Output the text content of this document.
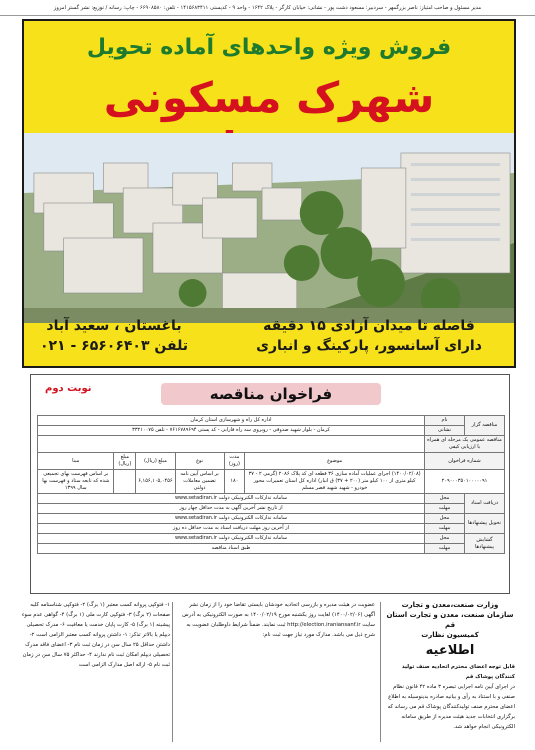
مدیر مسئول و صاحب امتیاز: ناصر بزرگمهر - سردبیر: مسعود دشت پور - نشانی: خیابان کارگر - پلاک ۱۶۴۲ - واحد ۹ - کدپستی ۱۴۱۵۶۸۳۴۱۱ - تلفن: ۶۶۹۰۸۵۸۰ - چاپ: رسانه / توزیع: نشر گستر امروز
فروش ویژه واحدهای آماده تحویل
شهرک مسکونی
فاصله تا میدان آزادی ۱۵ دقیقه
دارای آسانسور، پارکینگ و انباری
باغستان ، سعید آباد
تلفن ۶۵۶۰۶۴۰۳ - ۰۲۱
نوبت دوم	فراخوان مناقصه
مناقصه گزار	نام	اداره کل راه و شهرسازی استان کرمان					
	نشانی	کرمان - بلوار شهید صدوقی - روبروی سه راه فارابی - کد پستی ۷۶۱۶۷۸۹۶۹۴ - تلفن ۳۳۲۱۰۰۷۵					
مناقصه عمومی یک مرحله ای همراه با ارزیابی کیفی							
شماره فراخوان		موضوع	مدت (روز)	نوع	مبلغ (ریال)	مبلغ (ریال)	مبنا
۲۰۹۰۰۰۳۵۰۱۰۰۰۰۰۹۱		(۱۴۰۰/۰۲/۰۸) اجرای عملیات آماده سازی ۳۶ قطعه ای کد پلاک ۲۰۸۶ (گرمی ۲ - ۳۷ کیلو متری از ۱۰۰ کیلو متر (۲۰۰ + ۳۷) ق انبار) اداره کل استان تعمیرات محور خودرو - شهید شهید قصر مسلم	۱۸۰	بر اساس آیین نامه تضمین معاملات دولتی	۶,۱۵۶,۱۰۵,۰۴۵۶		بر اساس فهرست بهای تجمیعی شده که تابعه ستاد و فهرست بها سال ۱۳۹۹
دریافت اسناد	محل	سامانه تدارکات الکترونیکی دولت www.setadiran.ir					
	مهلت	از تاریخ نشر آخرین آگهی به مدت حداقل چهار روز					
تحویل پیشنهادها	محل	سامانه تدارکات الکترونیکی دولت www.setadiran.ir					
	مهلت	از آخرین روز مهلت دریافت اسناد به مدت حداقل ده روز					
گشایش پیشنهادها	محل	سامانه تدارکات الکترونیکی دولت www.setadiran.ir					
	مهلت	طبق اسناد مناقصه					
وزارت صنعت،معدن و تجارت
سازمان صنعت، معدن و تجارت استان قم
کمیسیون نظارت
اطلاعیه

قابل توجه اعضای محترم اتحادیه صنف تولید کنندگان پوشاک قم

در اجرای آیین نامه اجرایی تبصره ۳ ماده ۴۲ قانون نظام صنفی و با استناد به رأی و بیانیه صادره بدینوسیله به اطلاع اعضای محترم صنف تولیدکنندگان پوشاک قم می رساند که برگزاری انتخابات جدید هیئت مدیره از طریق سامانه الکترونیکی انجام خواهد شد.

عضویت در هیئت مدیره و بازرسی اتحادیه خودشان بایستی تقاضا خود را از زمان نشر آگهی (۱۴۰۰/۰۲/۰۶) لغایت روز یکشنبه مورخ ۱۴۰۰/۰۲/۱۹ به صورت الکترونیکی به آدرس سایت http://election.iraniansanf.ir ثبت نمایند. ضمناً شرایط داوطلبان عضویت به شرح ذیل می باشد. مدارک مورد نیاز جهت ثبت نام:

۱- فتوکپی پروانه کسب معتبر (۱ برگ) ۲- فتوکپی شناسنامه کلیه صفحات (۲ برگ) ۳- فتوکپی کارت ملی (۱ برگ) ۴- گواهی عدم سوء پیشینه (۱ برگ) ۵- کارت پایان خدمت یا معافیت ۶- مدرک تحصیلی دیپلم یا بالاتر تذکر: ۱- داشتن پروانه کسب معتبر الزامی است ۲- داشتن حداقل ۲۵ سال سن در زمان ثبت نام ۳- اعضای فاقد مدرک تحصیلی دیپلم امکان ثبت نام ندارند ۴- حداکثر ۷۵ سال سن در زمان ثبت نام ۵- ارائه اصل مدارک الزامی است
